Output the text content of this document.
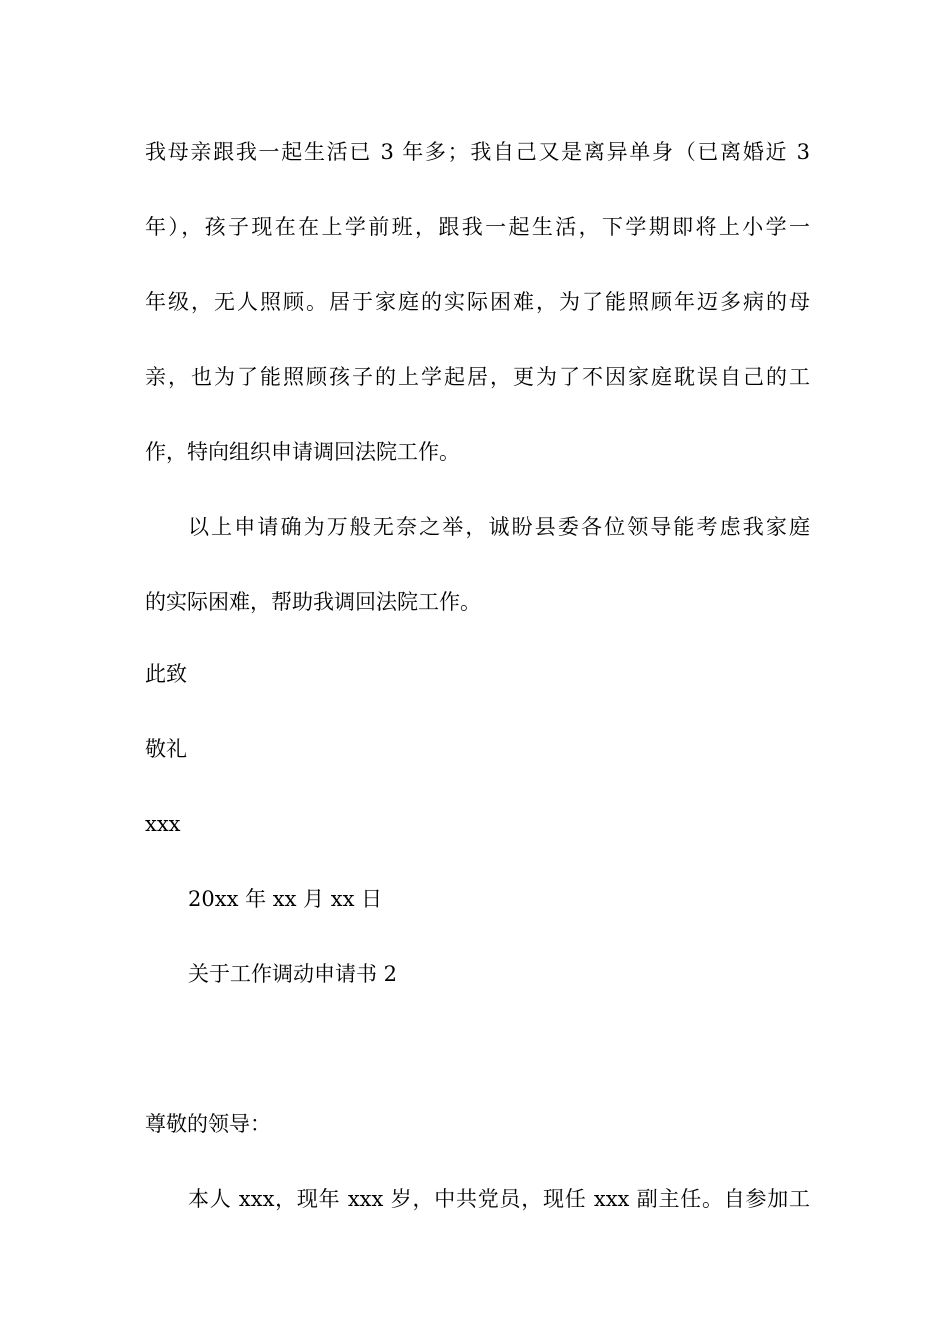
我母亲跟我一起生活已 3 年多；我自己又是离异单身（已离婚近 3
年），孩子现在在上学前班，跟我一起生活，下学期即将上小学一
年级，无人照顾。居于家庭的实际困难，为了能照顾年迈多病的母
亲，也为了能照顾孩子的上学起居，更为了不因家庭耽误自己的工
作，特向组织申请调回法院工作。
以上申请确为万般无奈之举，诚盼县委各位领导能考虑我家庭
的实际困难，帮助我调回法院工作。
此致
敬礼
xxx
20xx 年 xx 月 xx 日
关于工作调动申请书 2
尊敬的领导：
本人 xxx，现年 xxx 岁，中共党员，现任 xxx 副主任。自参加工
